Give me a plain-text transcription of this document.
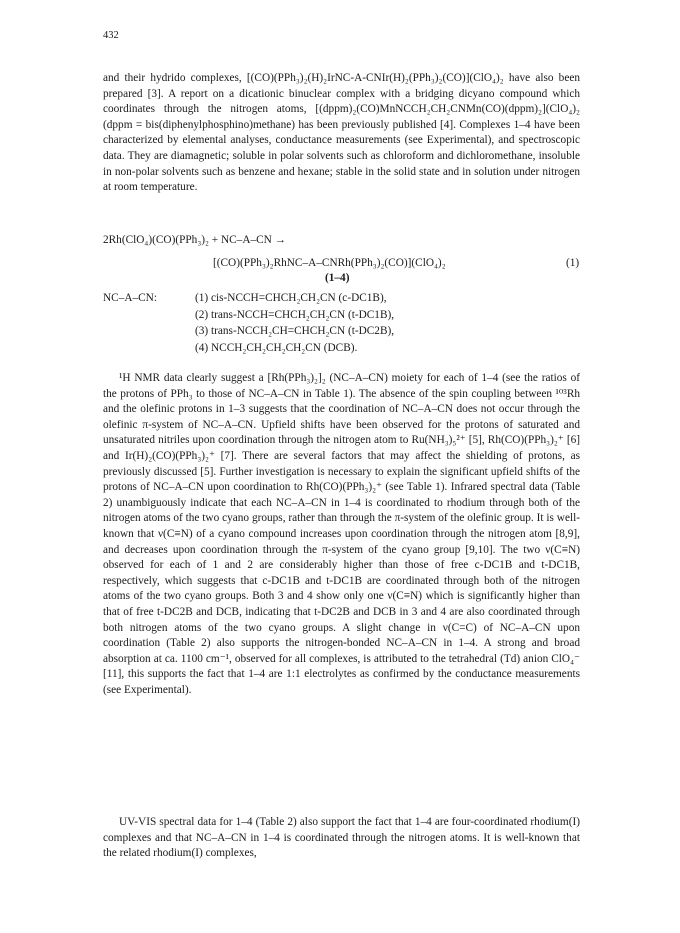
432

and their hydrido complexes, [(CO)(PPh₃)₂(H)₂IrNC-A-CNIr(H)₂(PPh₃)₂(CO)](ClO₄)₂ have also been prepared [3]. A report on a dicationic binuclear complex with a bridging dicyano compound which coordinates through the nitrogen atoms, [(dppm)₂(CO)MnNCCH₂CH₂CNMn(CO)(dppm)₂](ClO₄)₂ (dppm = bis(diphenylphosphino)methane) has been previously published [4]. Complexes 1–4 have been characterized by elemental analyses, conductance measurements (see Experimental), and spectroscopic data. They are diamagnetic; soluble in polar solvents such as chloroform and dichloromethane, insoluble in non-polar solvents such as benzene and hexane; stable in the solid state and in solution under nitrogen at room temperature.

2Rh(ClO₄)(CO)(PPh₃)₂ + NC–A–CN →
[(CO)(PPh₃)₂RhNC–A–CNRh(PPh₃)₂(CO)](ClO₄)₂	(1)
(1–4)
NC–A–CN:	(1) cis-NCCH=CHCH₂CH₂CN (c-DC1B),
(2) trans-NCCH=CHCH₂CH₂CN (t-DC1B),
(3) trans-NCCH₂CH=CHCH₂CN (t-DC2B),
(4) NCCH₂CH₂CH₂CH₂CN (DCB).

¹H NMR data clearly suggest a [Rh(PPh₃)₂]₂ (NC–A–CN) moiety for each of 1–4 (see the ratios of the protons of PPh₃ to those of NC–A–CN in Table 1). The absence of the spin coupling between ¹⁰³Rh and the olefinic protons in 1–3 suggests that the coordination of NC–A–CN does not occur through the olefinic π-system of NC–A–CN. Upfield shifts have been observed for the protons of saturated and unsaturated nitriles upon coordination through the nitrogen atom to Ru(NH₃)₅²⁺ [5], Rh(CO)(PPh₃)₂⁺ [6] and Ir(H)₂(CO)(PPh₃)₂⁺ [7]. There are several factors that may affect the shielding of protons, as previously discussed [5]. Further investigation is necessary to explain the significant upfield shifts of the protons of NC–A–CN upon coordination to Rh(CO)(PPh₃)₂⁺ (see Table 1). Infrared spectral data (Table 2) unambiguously indicate that each NC–A–CN in 1–4 is coordinated to rhodium through both of the nitrogen atoms of the two cyano groups, rather than through the π-system of the olefinic group. It is well-known that ν(C≡N) of a cyano compound increases upon coordination through the nitrogen atom [8,9], and decreases upon coordination through the π-system of the cyano group [9,10]. The two ν(C≡N) observed for each of 1 and 2 are considerably higher than those of free c-DC1B and t-DC1B, respectively, which suggests that c-DC1B and t-DC1B are coordinated through both of the nitrogen atoms of the two cyano groups. Both 3 and 4 show only one ν(C≡N) which is significantly higher than that of free t-DC2B and DCB, indicating that t-DC2B and DCB in 3 and 4 are also coordinated through both nitrogen atoms of the two cyano groups. A slight change in ν(C=C) of NC–A–CN upon coordination (Table 2) also supports the nitrogen-bonded NC–A–CN in 1–4. A strong and broad absorption at ca. 1100 cm⁻¹, observed for all complexes, is attributed to the tetrahedral (Td) anion ClO₄⁻ [11], this supports the fact that 1–4 are 1:1 electrolytes as confirmed by the conductance measurements (see Experimental).

UV-VIS spectral data for 1–4 (Table 2) also support the fact that 1–4 are four-coordinated rhodium(I) complexes and that NC–A–CN in 1–4 is coordinated through the nitrogen atoms. It is well-known that the related rhodium(I) complexes,
